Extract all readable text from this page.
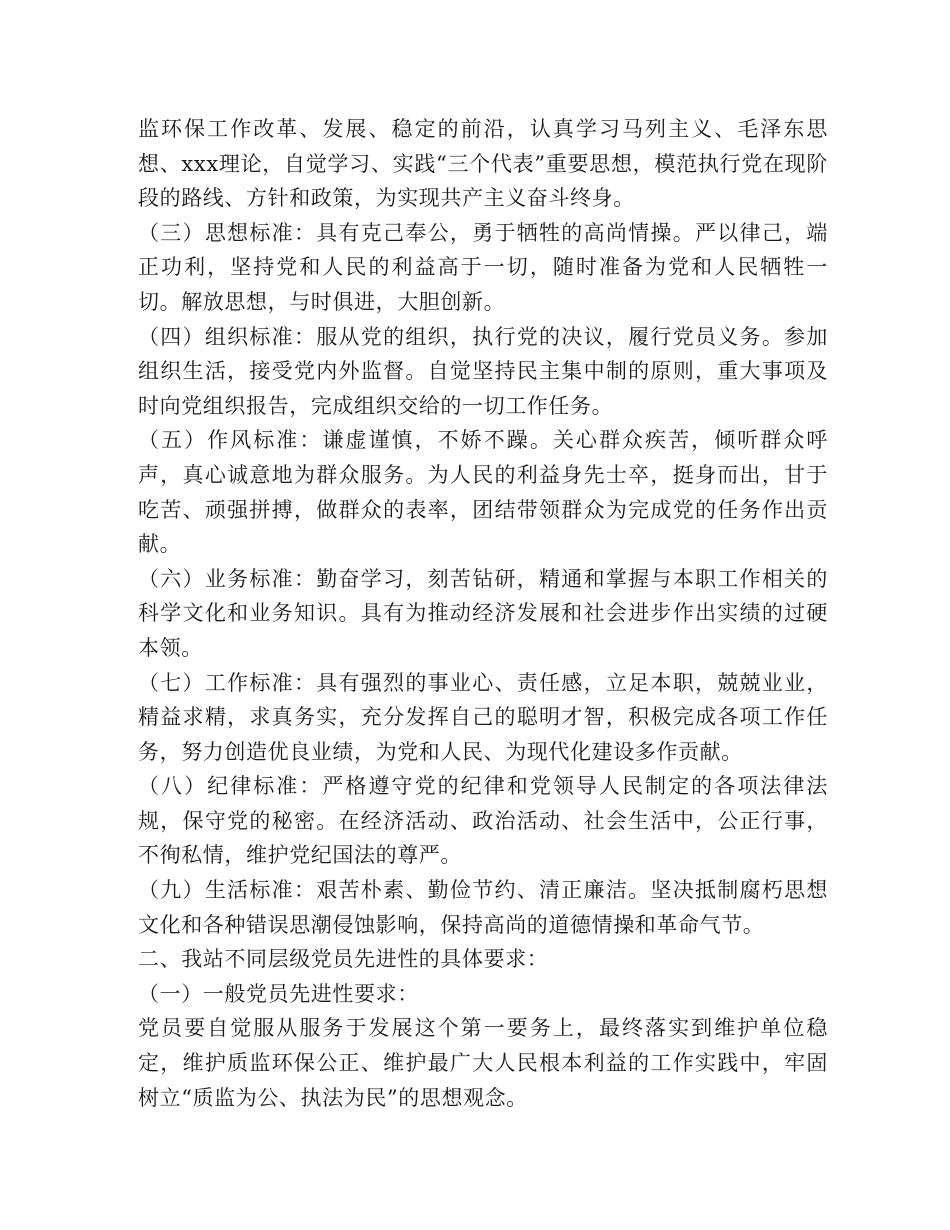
监环保工作改革、发展、稳定的前沿，认真学习马列主义、毛泽东思想、xxx理论，自觉学习、实践“三个代表”重要思想，模范执行党在现阶段的路线、方针和政策，为实现共产主义奋斗终身。

（三）思想标准：具有克己奉公，勇于牺牲的高尚情操。严以律己，端正功利，坚持党和人民的利益高于一切，随时准备为党和人民牺牲一切。解放思想，与时俱进，大胆创新。

（四）组织标准：服从党的组织，执行党的决议，履行党员义务。参加组织生活，接受党内外监督。自觉坚持民主集中制的原则，重大事项及时向党组织报告，完成组织交给的一切工作任务。

（五）作风标准：谦虚谨慎，不娇不躁。关心群众疾苦，倾听群众呼声，真心诚意地为群众服务。为人民的利益身先士卒，挺身而出，甘于吃苦、顽强拼搏，做群众的表率，团结带领群众为完成党的任务作出贡献。

（六）业务标准：勤奋学习，刻苦钻研，精通和掌握与本职工作相关的科学文化和业务知识。具有为推动经济发展和社会进步作出实绩的过硬本领。

（七）工作标准：具有强烈的事业心、责任感，立足本职，兢兢业业，精益求精，求真务实，充分发挥自己的聪明才智，积极完成各项工作任务，努力创造优良业绩，为党和人民、为现代化建设多作贡献。

（八）纪律标准：严格遵守党的纪律和党领导人民制定的各项法律法规，保守党的秘密。在经济活动、政治活动、社会生活中，公正行事，不徇私情，维护党纪国法的尊严。

（九）生活标准：艰苦朴素、勤俭节约、清正廉洁。坚决抵制腐朽思想文化和各种错误思潮侵蚀影响，保持高尚的道德情操和革命气节。

二、我站不同层级党员先进性的具体要求：

（一）一般党员先进性要求：

党员要自觉服从服务于发展这个第一要务上，最终落实到维护单位稳定，维护质监环保公正、维护最广大人民根本利益的工作实践中，牢固树立“质监为公、执法为民”的思想观念。
